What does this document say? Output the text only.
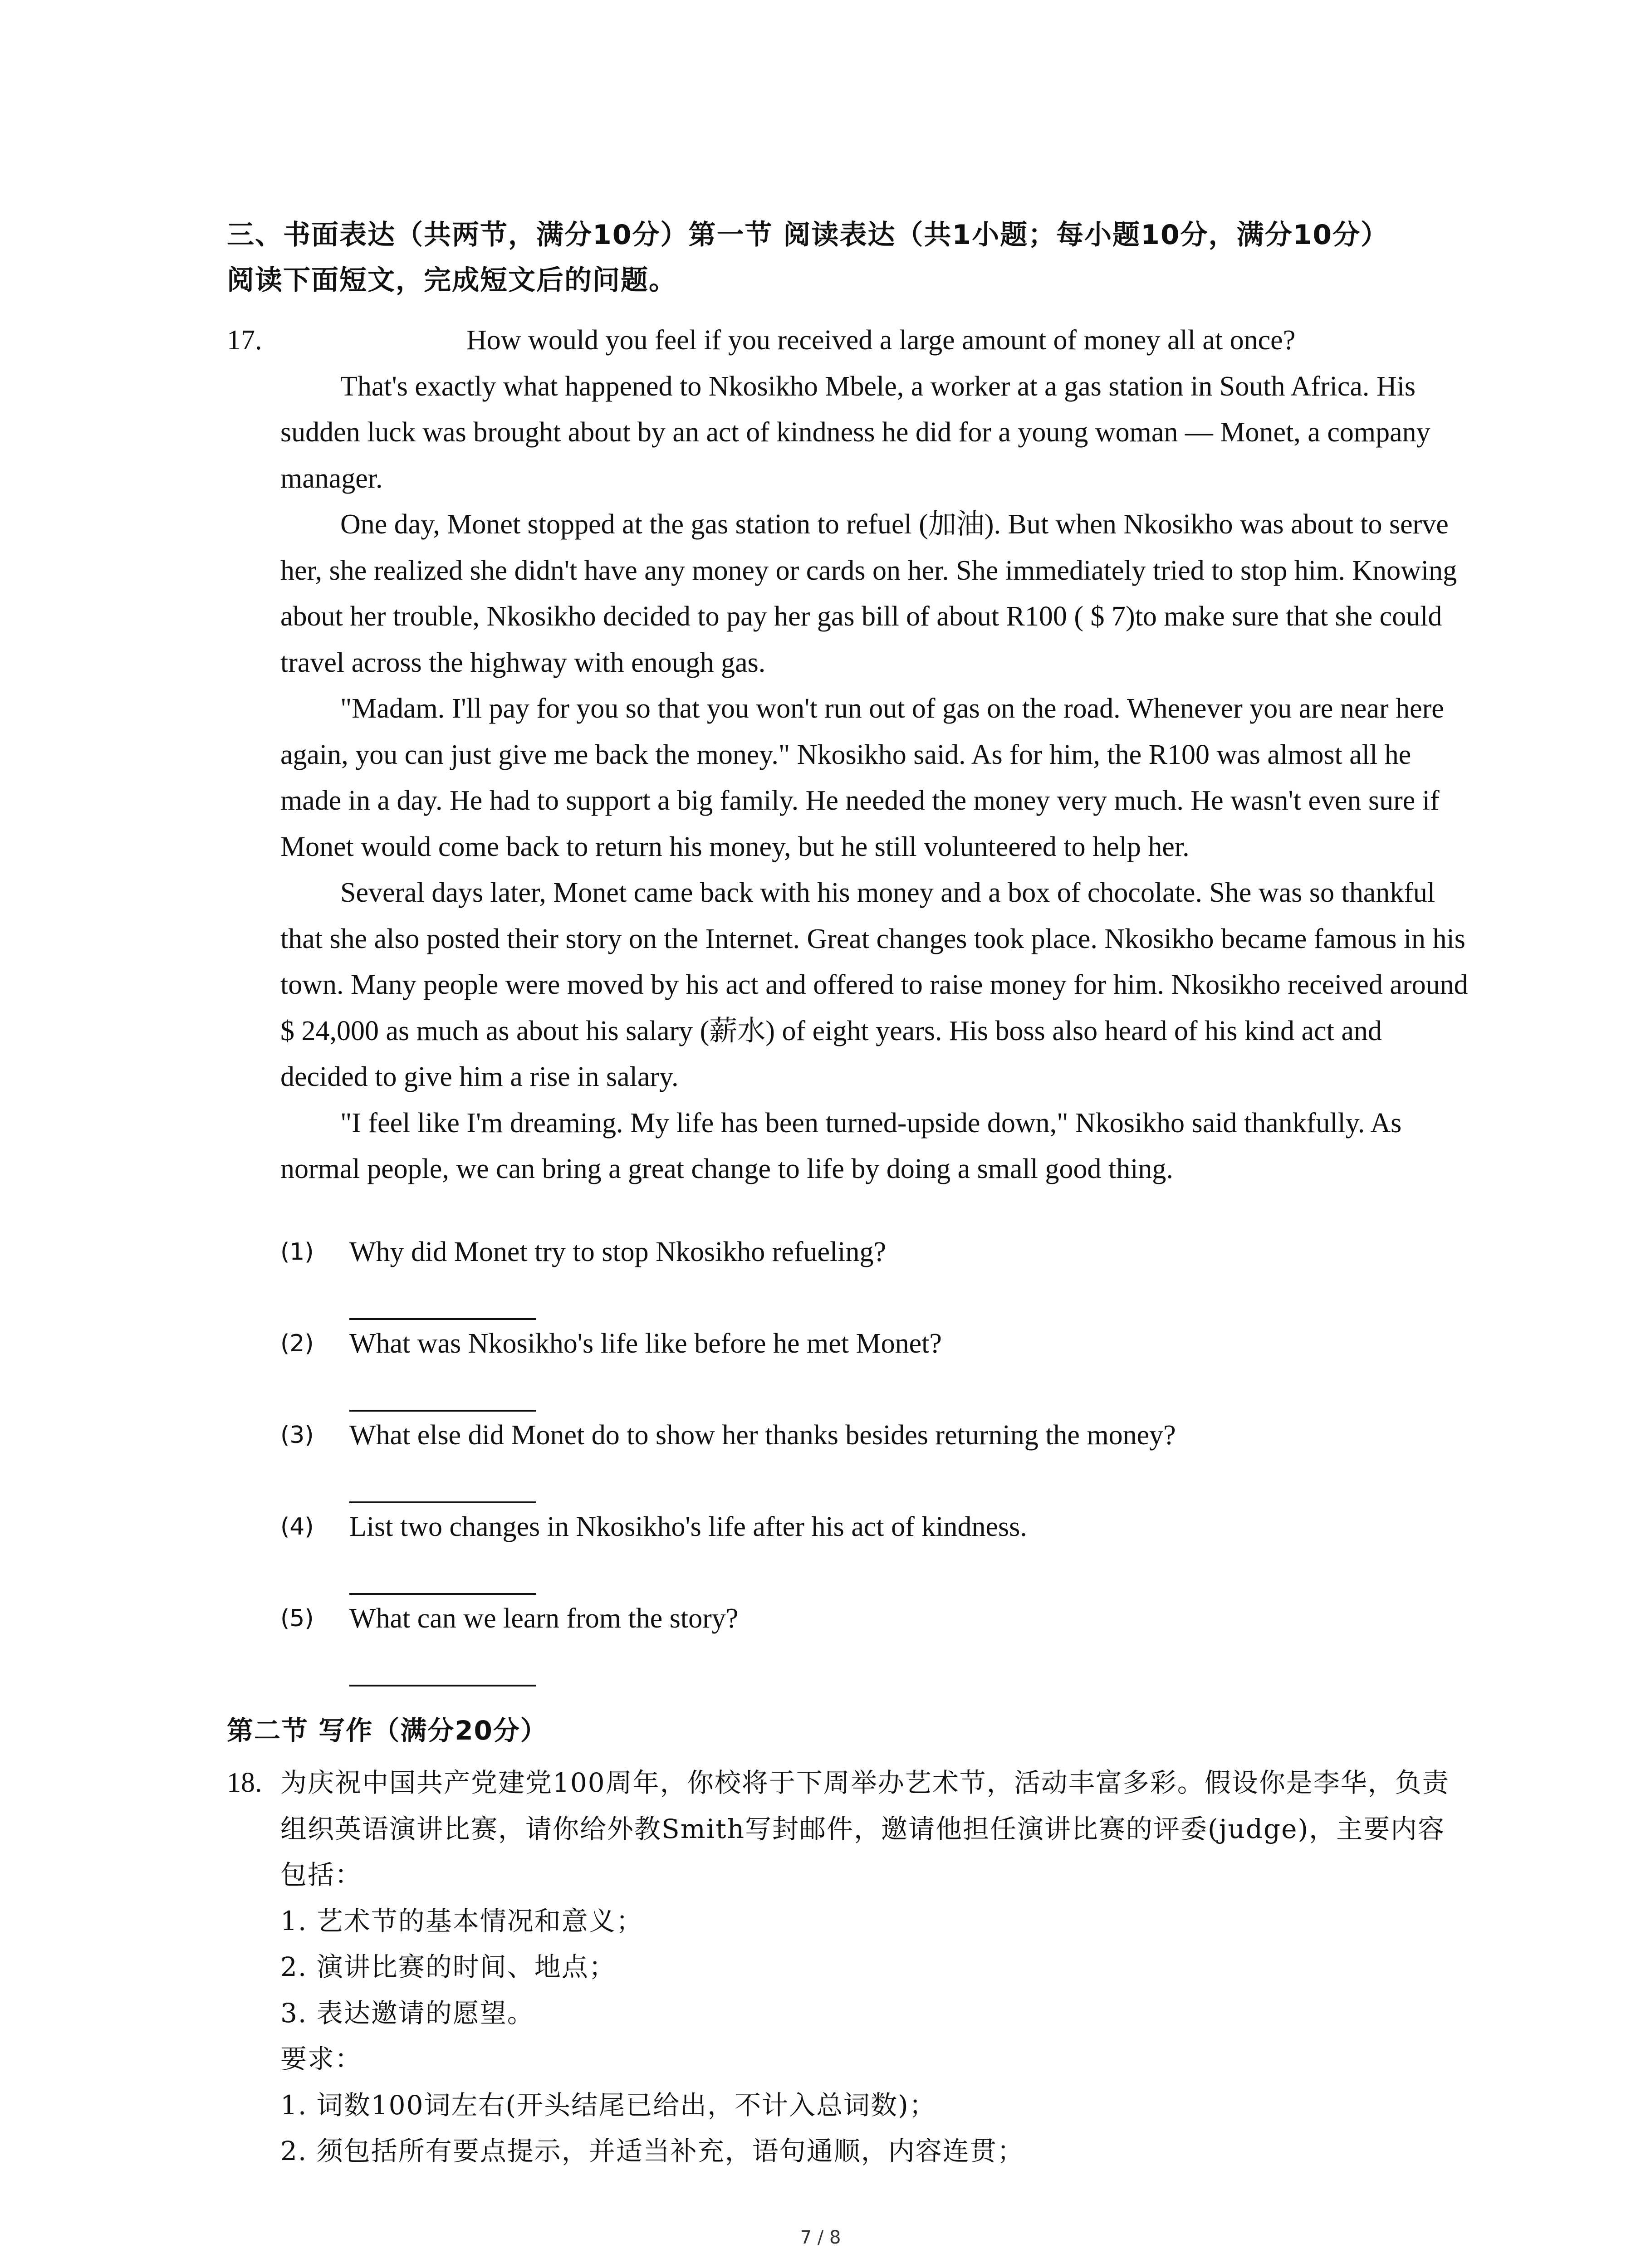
三、书面表达（共两节，满分10分）第一节 阅读表达（共1小题；每小题10分，满分10分）
阅读下面短文，完成短文后的问题。
17.	How would you feel if you received a large amount of money all at once?

That's exactly what happened to Nkosikho Mbele, a worker at a gas station in South Africa. His sudden luck was brought about by an act of kindness he did for a young woman — Monet, a company manager.

One day, Monet stopped at the gas station to refuel (加油). But when Nkosikho was about to serve her, she realized she didn't have any money or cards on her. She immediately tried to stop him. Knowing about her trouble, Nkosikho decided to pay her gas bill of about R100 ( $ 7)to make sure that she could travel across the highway with enough gas.

"Madam. I'll pay for you so that you won't run out of gas on the road. Whenever you are near here again, you can just give me back the money." Nkosikho said. As for him, the R100 was almost all he made in a day. He had to support a big family. He needed the money very much. He wasn't even sure if Monet would come back to return his money, but he still volunteered to help her.

Several days later, Monet came back with his money and a box of chocolate. She was so thankful that she also posted their story on the Internet. Great changes took place. Nkosikho became famous in his town. Many people were moved by his act and offered to raise money for him. Nkosikho received around $ 24,000 as much as about his salary (薪水) of eight years. His boss also heard of his kind act and decided to give him a rise in salary.

"I feel like I'm dreaming. My life has been turned-upside down," Nkosikho said thankfully. As normal people, we can bring a great change to life by doing a small good thing.

(1) Why did Monet try to stop Nkosikho refueling?
(2) What was Nkosikho's life like before he met Monet?
(3) What else did Monet do to show her thanks besides returning the money?
(4) List two changes in Nkosikho's life after his act of kindness.
(5) What can we learn from the story?
第二节 写作（满分20分）
18. 为庆祝中国共产党建党100周年，你校将于下周举办艺术节，活动丰富多彩。假设你是李华，负责组织英语演讲比赛，请你给外教Smith写封邮件，邀请他担任演讲比赛的评委(judge)，主要内容包括：
1. 艺术节的基本情况和意义；
2. 演讲比赛的时间、地点；
3. 表达邀请的愿望。
要求：
1. 词数100词左右(开头结尾已给出，不计入总词数)；
2. 须包括所有要点提示，并适当补充，语句通顺，内容连贯；
7 / 8
